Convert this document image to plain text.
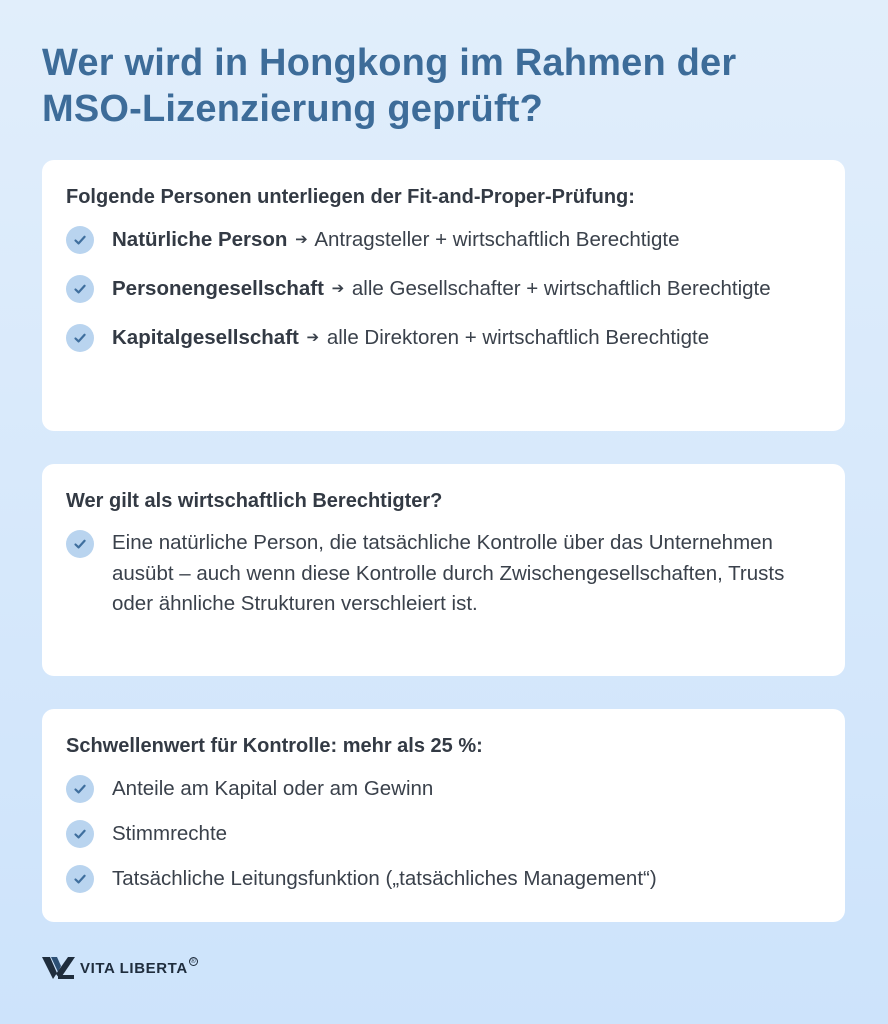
Wer wird in Hongkong im Rahmen der
MSO-Lizenzierung geprüft?
Folgende Personen unterliegen der Fit-and-Proper-Prüfung:
Natürliche Person ➔ Antragsteller + wirtschaftlich Berechtigte
Personengesellschaft ➔ alle Gesellschafter + wirtschaftlich Berechtigte
Kapitalgesellschaft ➔ alle Direktoren + wirtschaftlich Berechtigte
Wer gilt als wirtschaftlich Berechtigter?
Eine natürliche Person, die tatsächliche Kontrolle über das Unternehmen ausübt – auch wenn diese Kontrolle durch Zwischengesellschaften, Trusts oder ähnliche Strukturen verschleiert ist.
Schwellenwert für Kontrolle: mehr als 25 %:
Anteile am Kapital oder am Gewinn
Stimmrechte
Tatsächliche Leitungsfunktion („tatsächliches Management“)
VITA LIBERTA ®
